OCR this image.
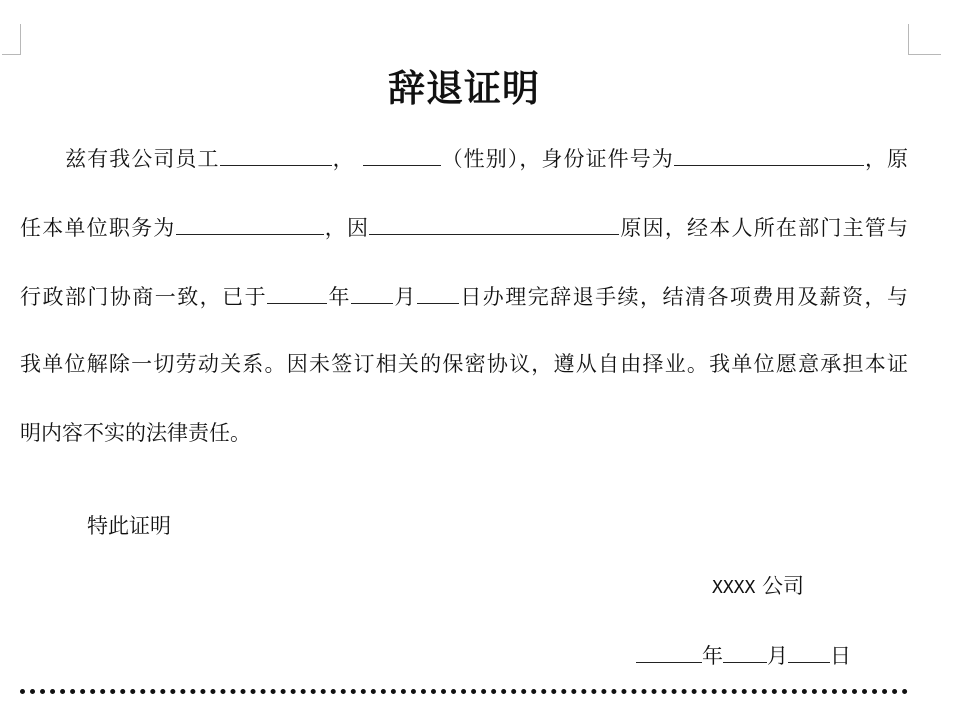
辞退证明
兹有我公司员工	，	（性别），身份证件号为	，原
任本单位职务为	，因	原因，经本人所在部门主管与
行政部门协商一致，已于	年 月 日办理完辞退手续，结清各项费用及薪资，与
我单位解除一切劳动关系。因未签订相关的保密协议，遵从自由择业。我单位愿意承担本证
明内容不实的法律责任。
特此证明
XXXX 公司
年 月 日
